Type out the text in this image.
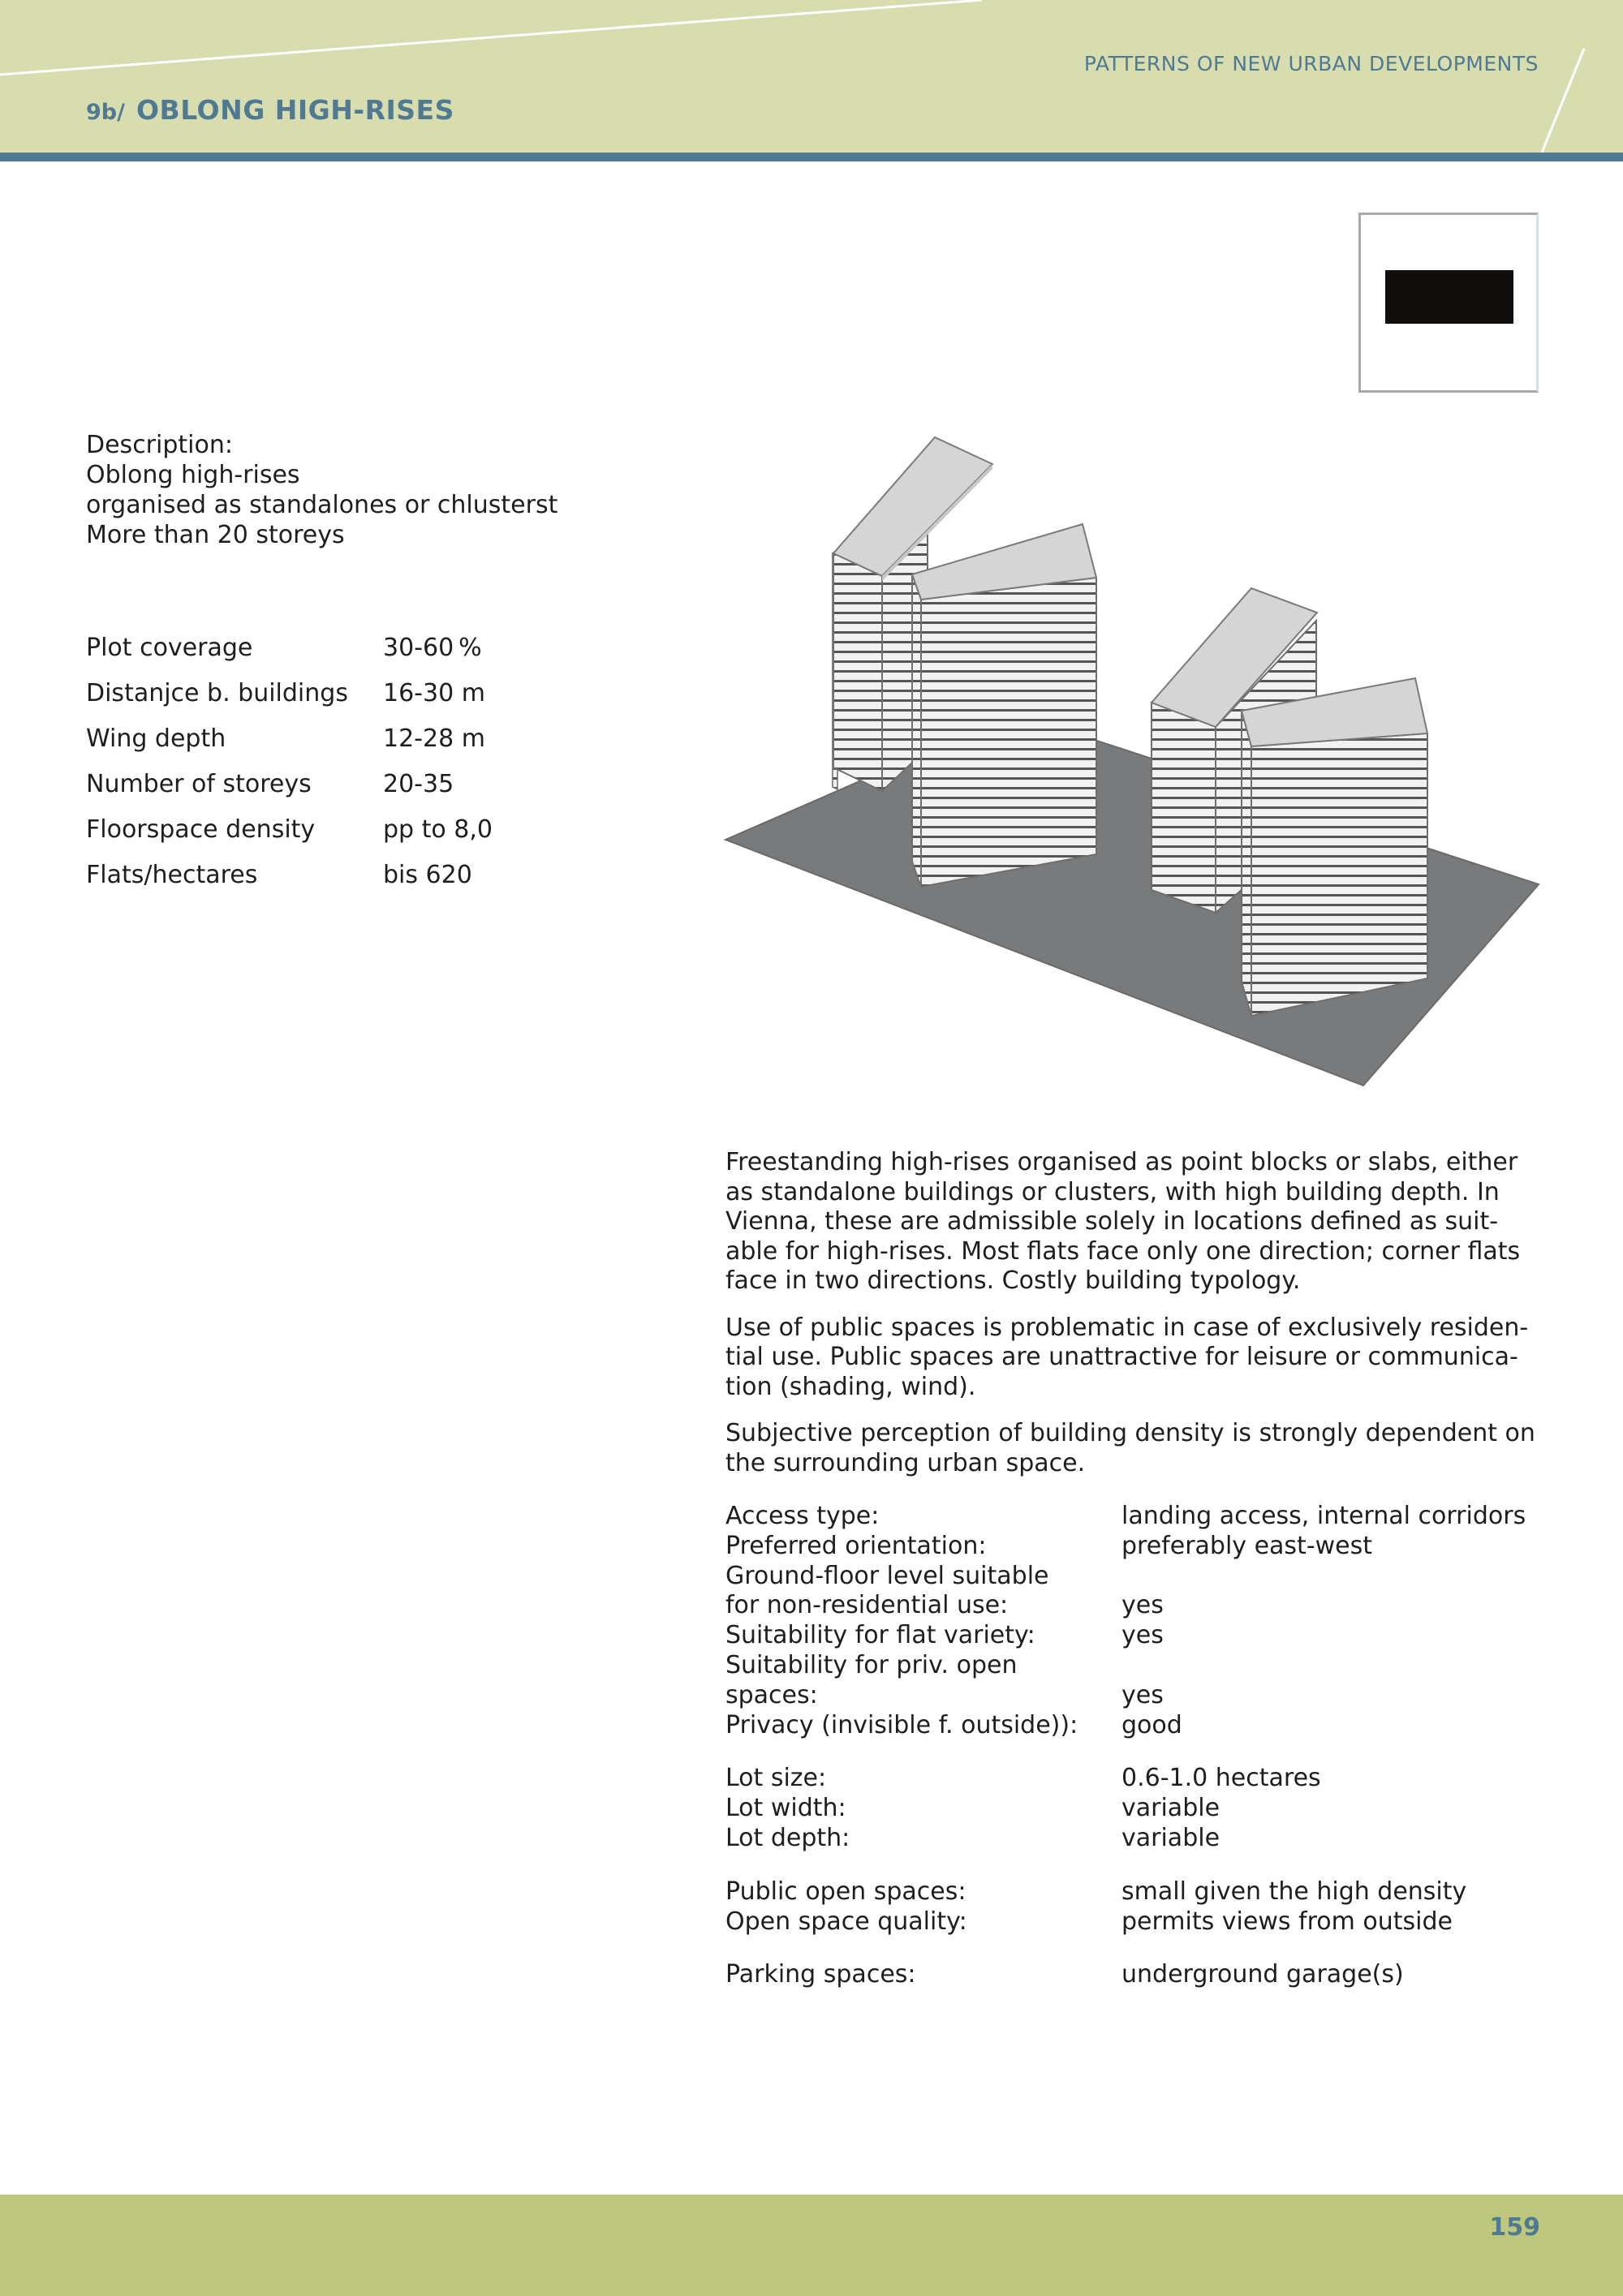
PATTERNS OF NEW URBAN DEVELOPMENTS
9b/ OBLONG HIGH-RISES
Description:
Oblong high-rises
organised as standalones or chlusterst
More than 20 storeys
Plot coverage	30-60 %
Distanjce b. buildings	16-30 m
Wing depth	12-28 m
Number of storeys	20-35
Floorspace density	pp to 8,0
Flats/hectares	bis 620

Freestanding high-rises organised as point blocks or slabs, either as standalone buildings or clusters, with high building depth. In Vienna, these are admissible solely in locations defined as suit-able for high-rises. Most flats face only one direction; corner flats face in two directions. Costly building typology.

Use of public spaces is problematic in case of exclusively residen-tial use. Public spaces are unattractive for leisure or communica-tion (shading, wind).

Subjective perception of building density is strongly dependent on the surrounding urban space.

Access type:	landing access, internal corridors
Preferred orientation:	preferably east-west
Ground-floor level suitable
for non-residential use:	yes
Suitability for flat variety:	yes
Suitability for priv. open
spaces:	yes
Privacy (invisible f. outside)):	good
Lot size:	0.6-1.0 hectares
Lot width:	variable
Lot depth:	variable
Public open spaces:	small given the high density
Open space quality:	permits views from outside
Parking spaces:	underground garage(s)
159
